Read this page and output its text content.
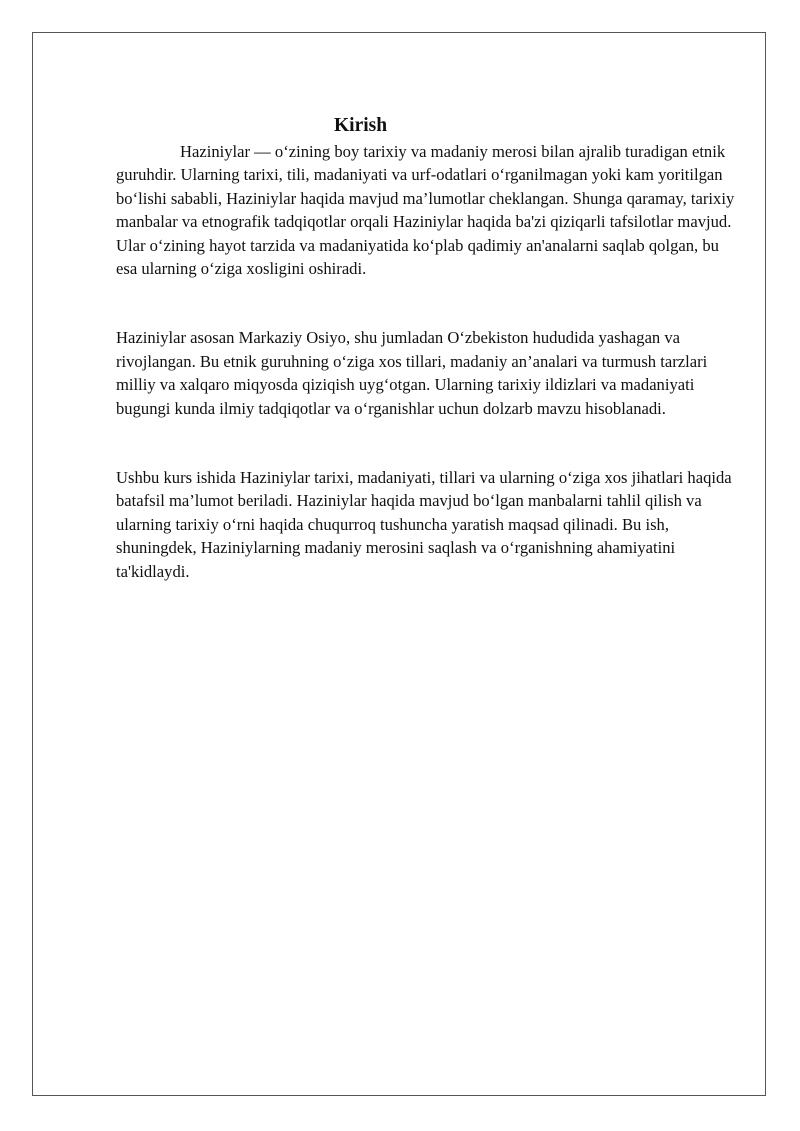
Kirish

Haziniylar — o‘zining boy tarixiy va madaniy merosi bilan ajralib turadigan etnik guruhdir. Ularning tarixi, tili, madaniyati va urf-odatlari o‘rganilmagan yoki kam yoritilgan bo‘lishi sababli, Haziniylar haqida mavjud ma’lumotlar cheklangan. Shunga qaramay, tarixiy manbalar va etnografik tadqiqotlar orqali Haziniylar haqida ba'zi qiziqarli tafsilotlar mavjud. Ular o‘zining hayot tarzida va madaniyatida ko‘plab qadimiy an'analarni saqlab qolgan, bu esa ularning o‘ziga xosligini oshiradi.

Haziniylar asosan Markaziy Osiyo, shu jumladan O‘zbekiston hududida yashagan va rivojlangan. Bu etnik guruhning o‘ziga xos tillari, madaniy an’analari va turmush tarzlari milliy va xalqaro miqyosda qiziqish uyg‘otgan. Ularning tarixiy ildizlari va madaniyati bugungi kunda ilmiy tadqiqotlar va o‘rganishlar uchun dolzarb mavzu hisoblanadi.

Ushbu kurs ishida Haziniylar tarixi, madaniyati, tillari va ularning o‘ziga xos jihatlari haqida batafsil ma’lumot beriladi. Haziniylar haqida mavjud bo‘lgan manbalarni tahlil qilish va ularning tarixiy o‘rni haqida chuqurroq tushuncha yaratish maqsad qilinadi. Bu ish, shuningdek, Haziniylarning madaniy merosini saqlash va o‘rganishning ahamiyatini ta'kidlaydi.
